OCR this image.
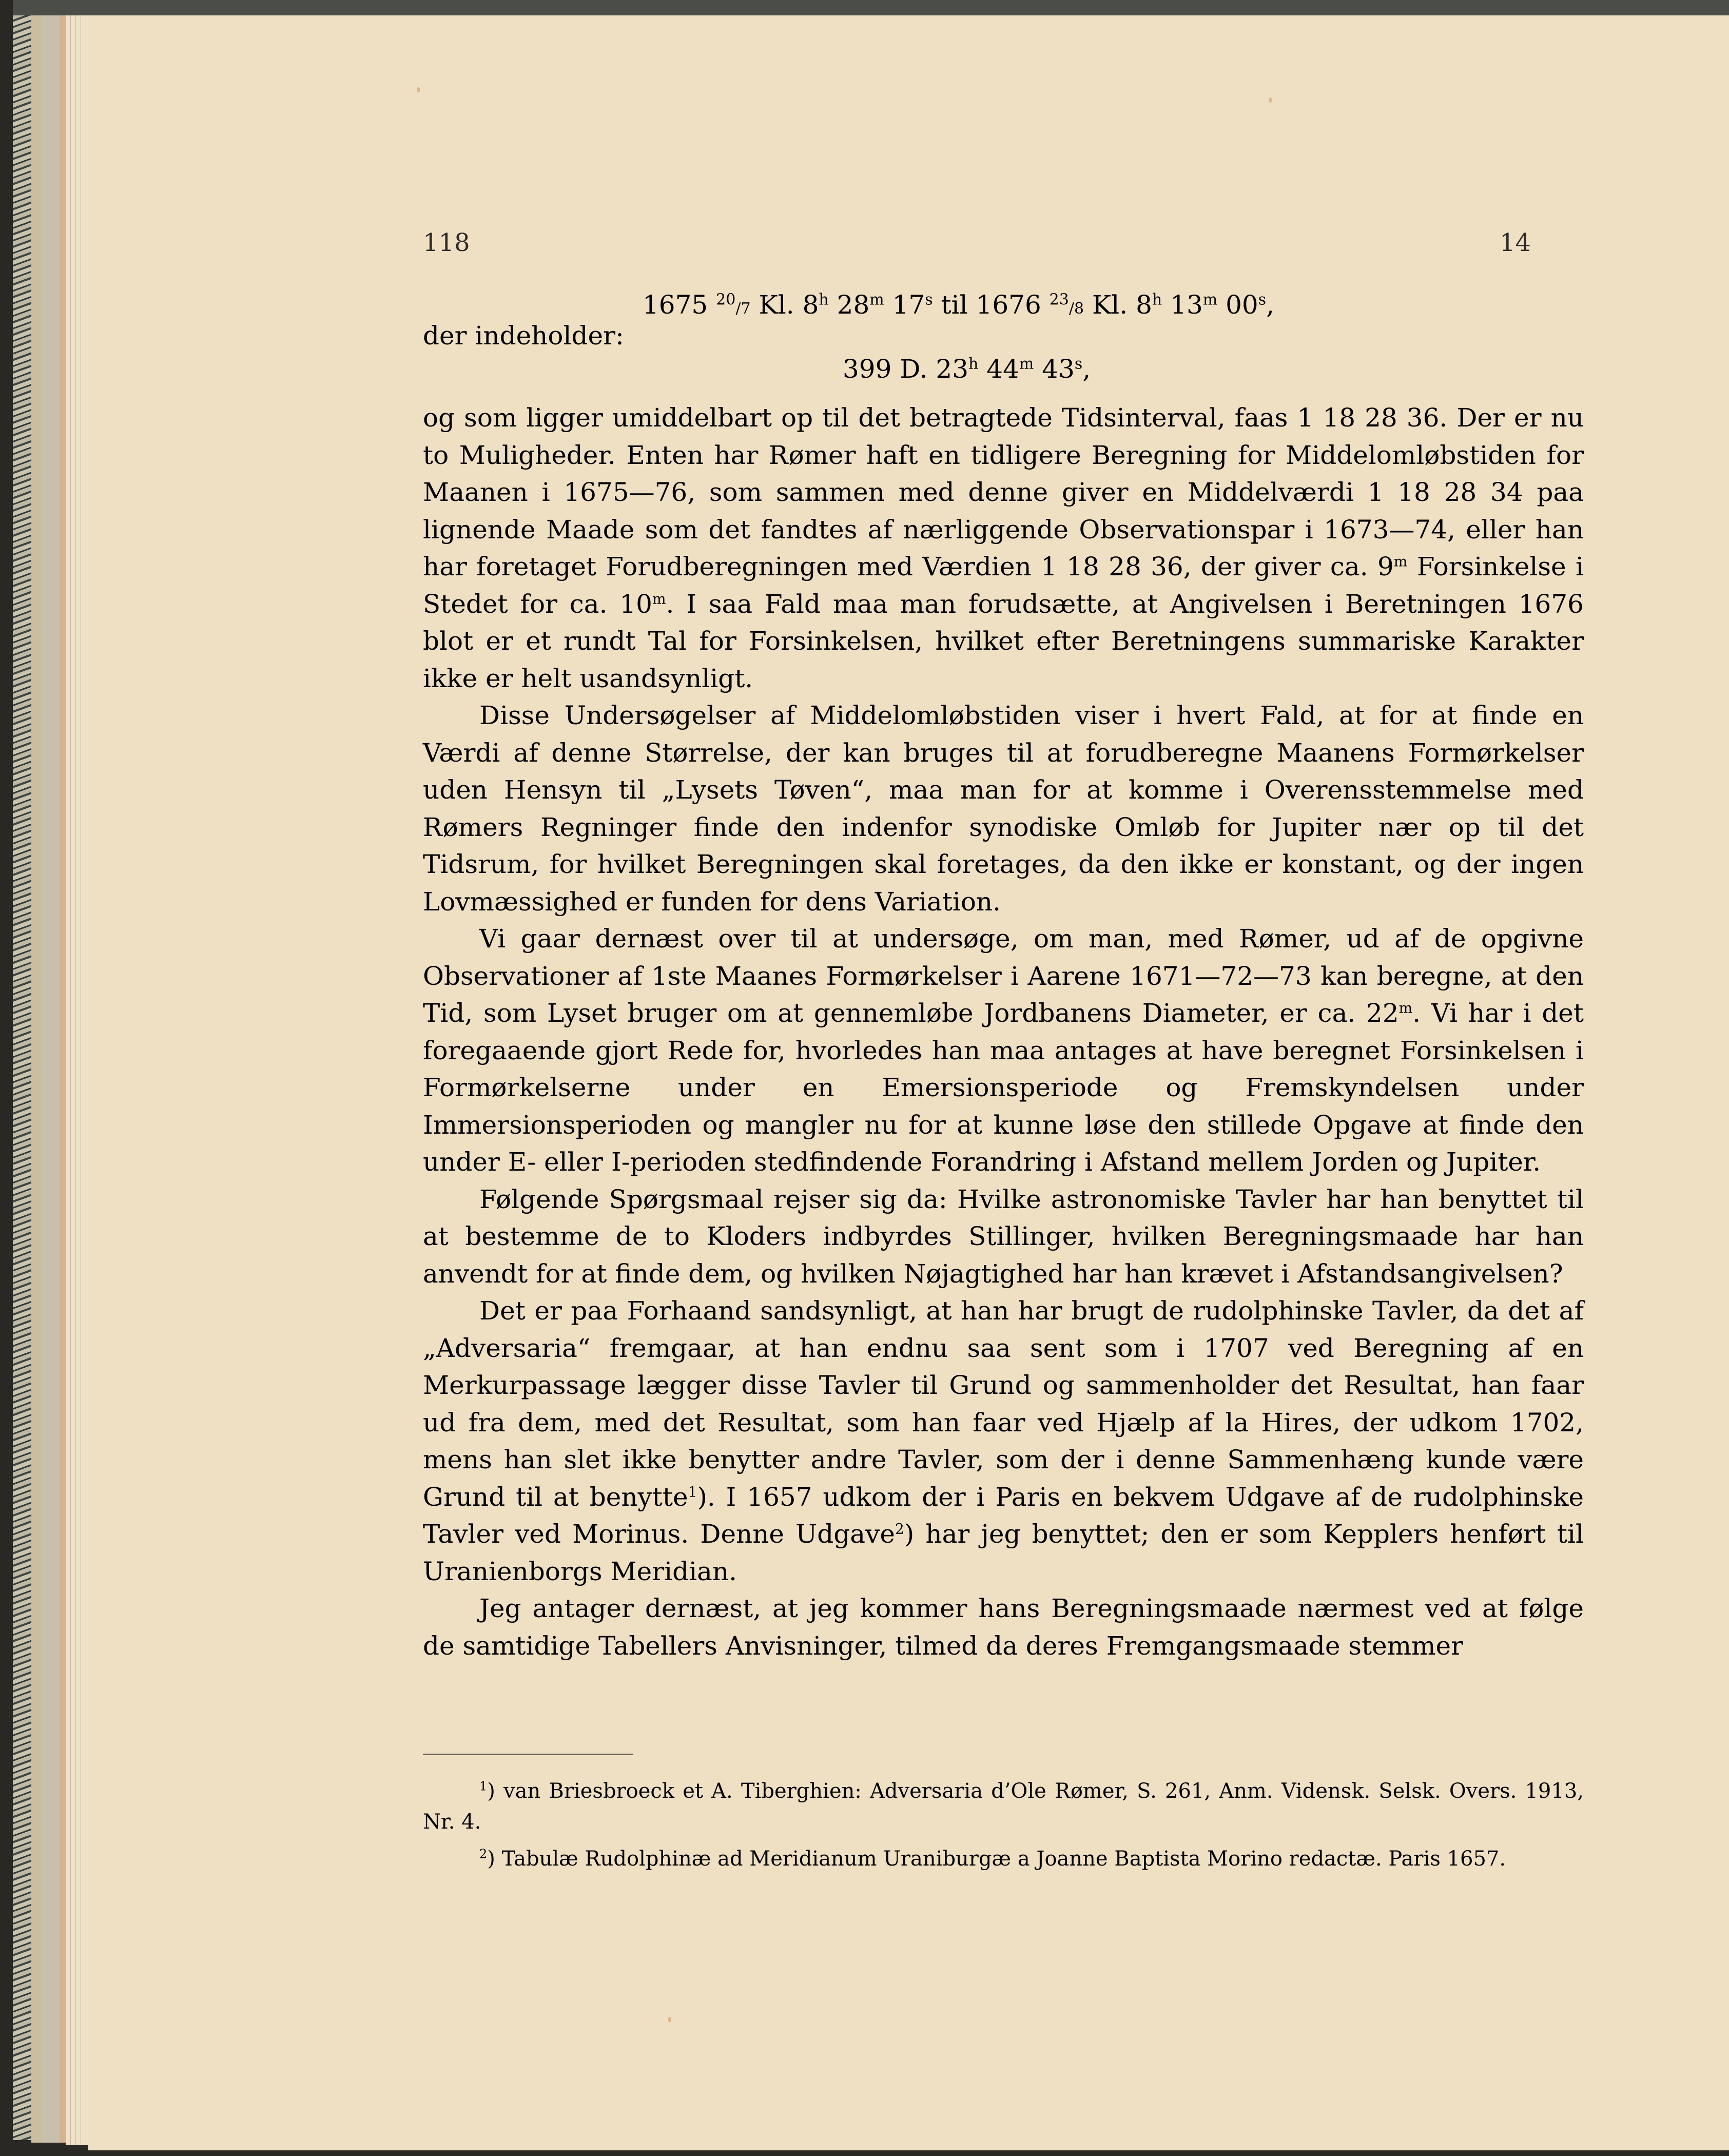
118	14
1675 $^{20}$/7 Kl. 8$^h$ 28$^m$ 17$^s$ til 1676 $^{23}$/8 Kl. 8$^h$ 13$^m$ 00$^s$,
der indeholder:
399 D. 23$^h$ 44$^m$ 43$^s$,

og som ligger umiddelbart op til det betragtede Tidsinterval, faas 1 18 28 36. Der er nu to Muligheder. Enten har Rømer haft en tidligere Beregning for Middelomløbstiden for Maanen i 1675—76, som sammen med denne giver en Middelværdi 1 18 28 34 paa lignende Maade som det fandtes af nærliggende Observationspar i 1673—74, eller han har foretaget Forudberegningen med Værdien 1 18 28 36, der giver ca. 9$^m$ Forsinkelse i Stedet for ca. 10$^m$. I saa Fald maa man forudsætte, at Angivelsen i Beretningen 1676 blot er et rundt Tal for Forsinkelsen, hvilket efter Beretningens summariske Karakter ikke er helt usandsynligt.

Disse Undersøgelser af Middelomløbstiden viser i hvert Fald, at for at finde en Værdi af denne Størrelse, der kan bruges til at forudberegne Maanens Formørkelser uden Hensyn til „Lysets Tøven“, maa man for at komme i Overensstemmelse med Rømers Regninger finde den indenfor synodiske Omløb for Jupiter nær op til det Tidsrum, for hvilket Beregningen skal foretages, da den ikke er konstant, og der ingen Lovmæssighed er funden for dens Variation.

Vi gaar dernæst over til at undersøge, om man, med Rømer, ud af de opgivne Observationer af 1ste Maanes Formørkelser i Aarene 1671—72—73 kan beregne, at den Tid, som Lyset bruger om at gennemløbe Jordbanens Diameter, er ca. 22$^m$. Vi har i det foregaaende gjort Rede for, hvorledes han maa antages at have beregnet Forsinkelsen i Formørkelserne under en Emersionsperiode og Fremskyndelsen under Immersionsperioden og mangler nu for at kunne løse den stillede Opgave at finde den under E- eller I-perioden stedfindende Forandring i Afstand mellem Jorden og Jupiter.

Følgende Spørgsmaal rejser sig da: Hvilke astronomiske Tavler har han benyttet til at bestemme de to Kloders indbyrdes Stillinger, hvilken Beregningsmaade har han anvendt for at finde dem, og hvilken Nøjagtighed har han krævet i Afstandsangivelsen?

Det er paa Forhaand sandsynligt, at han har brugt de rudolphinske Tavler, da det af „Adversaria“ fremgaar, at han endnu saa sent som i 1707 ved Beregning af en Merkurpassage lægger disse Tavler til Grund og sammenholder det Resultat, han faar ud fra dem, med det Resultat, som han faar ved Hjælp af la Hires, der udkom 1702, mens han slet ikke benytter andre Tavler, som der i denne Sammenhæng kunde være Grund til at benytte$^1$). I 1657 udkom der i Paris en bekvem Udgave af de rudolphinske Tavler ved Morinus. Denne Udgave$^2$) har jeg benyttet; den er som Kepplers henført til Uranienborgs Meridian.

Jeg antager dernæst, at jeg kommer hans Beregningsmaade nærmest ved at følge de samtidige Tabellers Anvisninger, tilmed da deres Fremgangsmaade stemmer

$^1$) van Briesbroeck et A. Tiberghien: Adversaria d’Ole Rømer, S. 261, Anm. Vidensk. Selsk. Overs. 1913, Nr. 4.

$^2$) Tabulæ Rudolphinæ ad Meridianum Uraniburgæ a Joanne Baptista Morino redactæ. Paris 1657.
